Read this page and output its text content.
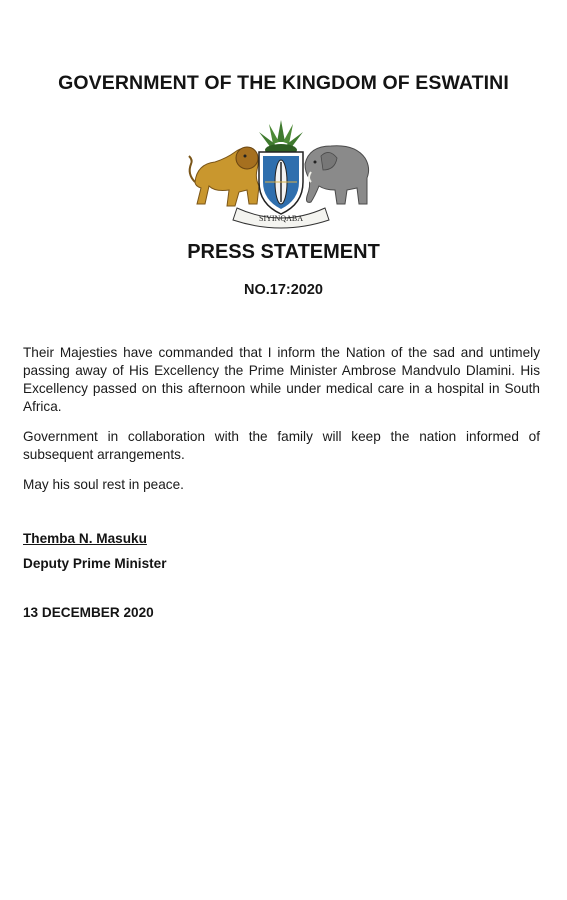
GOVERNMENT OF THE KINGDOM OF ESWATINI
SIYINQABA
PRESS STATEMENT
NO.17:2020

Their Majesties have commanded that I inform the Nation of the sad and untimely passing away of His Excellency the Prime Minister Ambrose Mandvulo Dlamini. His Excellency passed on this afternoon while under medical care in a hospital in South Africa.

Government in collaboration with the family will keep the nation informed of subsequent arrangements.

May his soul rest in peace.

Themba N. Masuku
Deputy Prime Minister
13 DECEMBER 2020
